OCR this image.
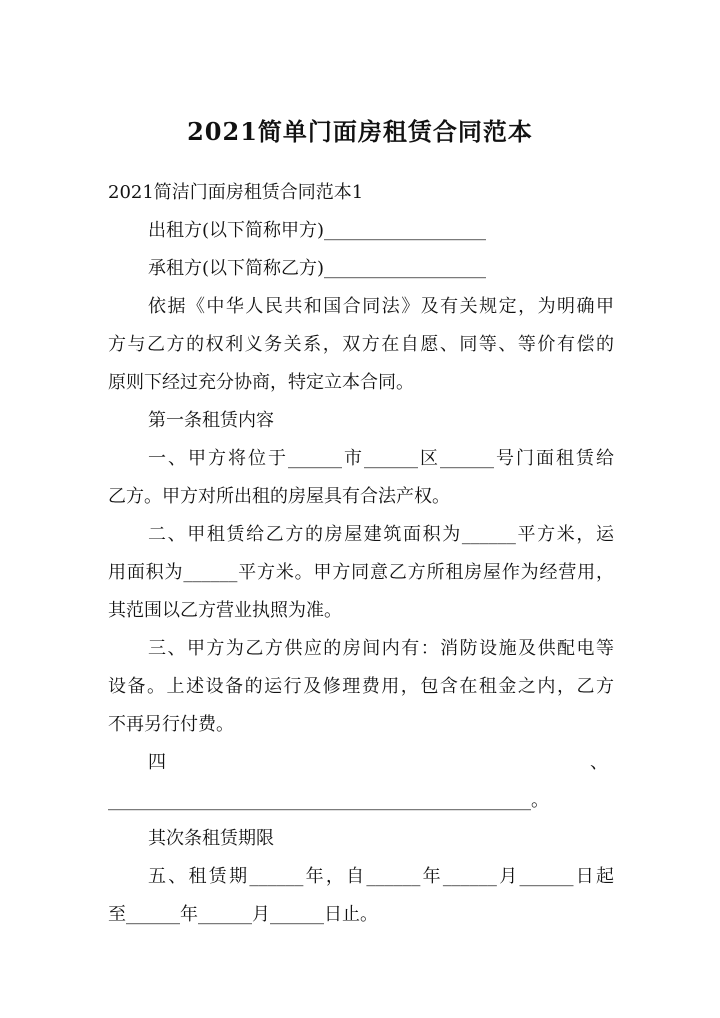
2021简单门面房租赁合同范本
2021简洁门面房租赁合同范本1
出租方(以下简称甲方)__________________
承租方(以下简称乙方)__________________
依据《中华人民共和国合同法》及有关规定，为明确甲
方与乙方的权利义务关系，双方在自愿、同等、等价有偿的
原则下经过充分协商，特定立本合同。
第一条租赁内容
一、甲方将位于______市______区______号门面租赁给
乙方。甲方对所出租的房屋具有合法产权。
二、甲租赁给乙方的房屋建筑面积为______平方米，运
用面积为______平方米。甲方同意乙方所租房屋作为经营用，
其范围以乙方营业执照为准。
三、甲方为乙方供应的房间内有：消防设施及供配电等
设备。上述设备的运行及修理费用，包含在租金之内，乙方
不再另行付费。
四	、
_______________________________________________。
其次条租赁期限
五、租赁期______年，自______年______月______日起
至______年______月______日止。
